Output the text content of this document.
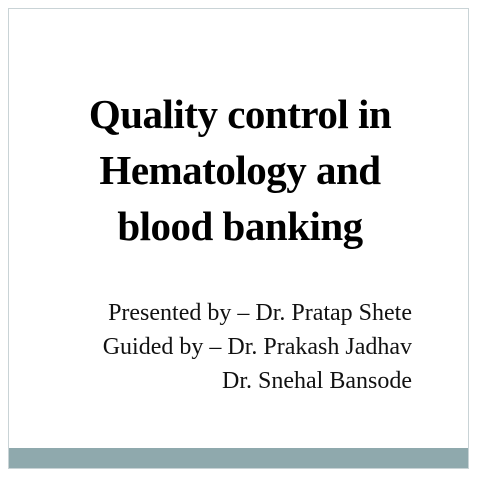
Quality control in
Hematology and
blood banking
Presented by – Dr. Pratap Shete
Guided by – Dr. Prakash Jadhav
Dr. Snehal Bansode
